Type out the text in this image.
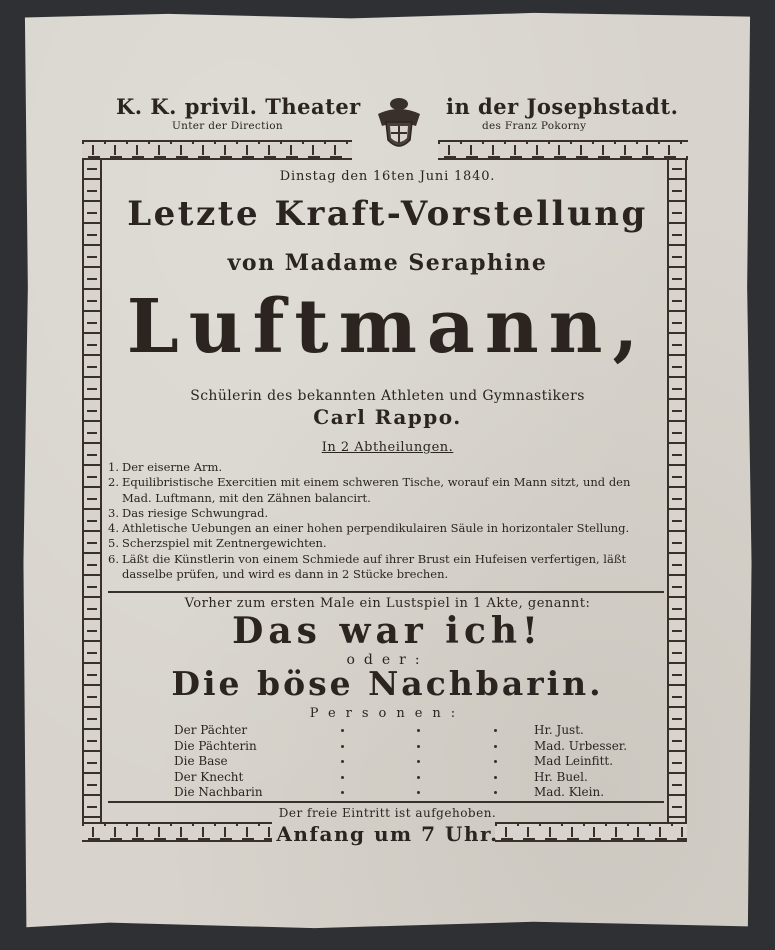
K. K. privil. Theater	in der Josephstadt.
Unter der Direction	des Franz Pokorny
Dinstag den 16ten Juni 1840.
Letzte Kraft-Vorstellung
von Madame Seraphine
Luftmann,
Schülerin des bekannten Athleten und Gymnastikers
Carl Rappo.
In 2 Abtheilungen.
1. Der eiserne Arm.
2. Equilibristische Exercitien mit einem schweren Tische, worauf ein Mann sitzt, und den Mad. Luftmann, mit den Zähnen balancirt.
3. Das riesige Schwungrad.
4. Athletische Uebungen an einer hohen perpendikulairen Säule in horizontaler Stellung.
5. Scherzspiel mit Zentnergewichten.
6. Läßt die Künstlerin von einem Schmiede auf ihrer Brust ein Hufeisen verfertigen, läßt dasselbe prüfen, und wird es dann in 2 Stücke brechen.
Vorher zum ersten Male ein Lustspiel in 1 Akte, genannt:
Das war ich!
oder:
Die böse Nachbarin.
Personen:
Der Pächter	Hr. Just.
Die Pächterin	Mad. Urbesser.
Die Base	Mad Leinfitt.
Der Knecht	Hr. Buel.
Die Nachbarin	Mad. Klein.
Der freie Eintritt ist aufgehoben.
Anfang um 7 Uhr.
